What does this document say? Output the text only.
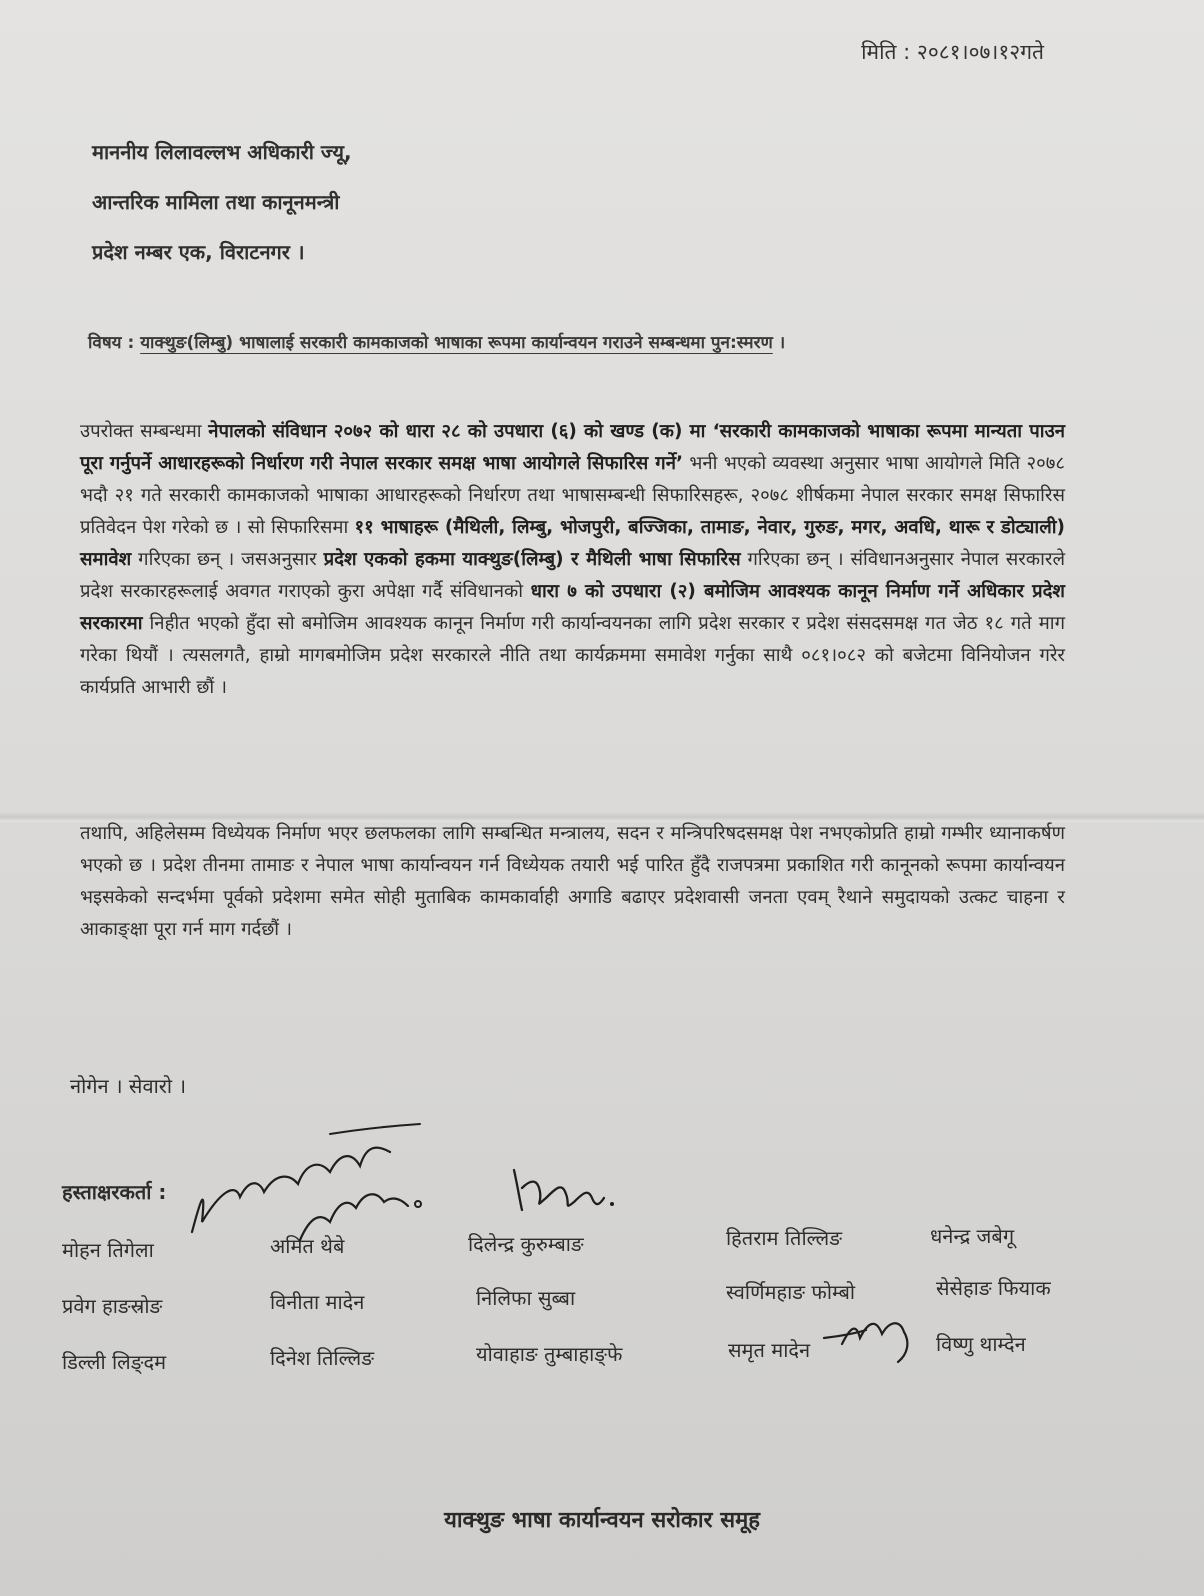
मिति : २०८१।०७।१२गते
माननीय लिलावल्लभ अधिकारी ज्यू,
आन्तरिक मामिला तथा कानूनमन्त्री
प्रदेश नम्बर एक, विराटनगर ।
विषय : याक्थुङ(लिम्बु) भाषालाई सरकारी कामकाजको भाषाका रूपमा कार्यान्वयन गराउने सम्बन्धमा पुन:स्मरण ।
उपरोक्त सम्बन्धमा नेपालको संविधान २०७२ को धारा २८ को उपधारा (६) को खण्ड (क) मा ‘सरकारी कामकाजको भाषाका रूपमा मान्यता पाउन पूरा गर्नुपर्ने आधारहरूको निर्धारण गरी नेपाल सरकार समक्ष भाषा आयोगले सिफारिस गर्ने’ भनी भएको व्यवस्था अनुसार भाषा आयोगले मिति २०७८ भदौ २१ गते सरकारी कामकाजको भाषाका आधारहरूको निर्धारण तथा भाषासम्बन्धी सिफारिसहरू, २०७८ शीर्षकमा नेपाल सरकार समक्ष सिफारिस प्रतिवेदन पेश गरेको छ । सो सिफारिसमा ११ भाषाहरू (मैथिली, लिम्बु, भोजपुरी, बज्जिका, तामाङ, नेवार, गुरुङ, मगर, अवधि, थारू र डोट्याली) समावेश गरिएका छन् । जसअनुसार प्रदेश एकको हकमा याक्थुङ(लिम्बु) र मैथिली भाषा सिफारिस गरिएका छन् । संविधानअनुसार नेपाल सरकारले प्रदेश सरकारहरूलाई अवगत गराएको कुरा अपेक्षा गर्दै संविधानको धारा ७ को उपधारा (२) बमोजिम आवश्यक कानून निर्माण गर्ने अधिकार प्रदेश सरकारमा निहीत भएको हुँदा सो बमोजिम आवश्यक कानून निर्माण गरी कार्यान्वयनका लागि प्रदेश सरकार र प्रदेश संसदसमक्ष गत जेठ १८ गते माग गरेका थियौं । त्यसलगतै, हाम्रो मागबमोजिम प्रदेश सरकारले नीति तथा कार्यक्रममा समावेश गर्नुका साथै ०८१।०८२ को बजेटमा विनियोजन गरेर कार्यप्रति आभारी छौं ।
तथापि, अहिलेसम्म विध्येयक निर्माण भएर छलफलका लागि सम्बन्धित मन्त्रालय, सदन र मन्त्रिपरिषदसमक्ष पेश नभएकोप्रति हाम्रो गम्भीर ध्यानाकर्षण भएको छ । प्रदेश तीनमा तामाङ र नेपाल भाषा कार्यान्वयन गर्न विध्येयक तयारी भई पारित हुँदै राजपत्रमा प्रकाशित गरी कानूनको रूपमा कार्यान्वयन भइसकेको सन्दर्भमा पूर्वको प्रदेशमा समेत सोही मुताबिक कामकार्वाही अगाडि बढाएर प्रदेशवासी जनता एवम् रैथाने समुदायको उत्कट चाहना र आकाङ्क्षा पूरा गर्न माग गर्दछौं ।
नोगेन । सेवारो ।
हस्ताक्षरकर्ता :
मोहन तिगेला	अमित थेबे	दिलेन्द्र कुरुम्बाङ	हितराम तिल्लिङ	धनेन्द्र जबेगू
प्रवेग हाङस्रोङ	विनीता मादेन	निलिफा सुब्बा	स्वर्णिमहाङ फोम्बो	सेसेहाङ फियाक
डिल्ली लिङ्दम	दिनेश तिल्लिङ	योवाहाङ तुम्बाहाङ्फे	समृत मादेन	विष्णु थाम्देन
याक्थुङ भाषा कार्यान्वयन सरोकार समूह
